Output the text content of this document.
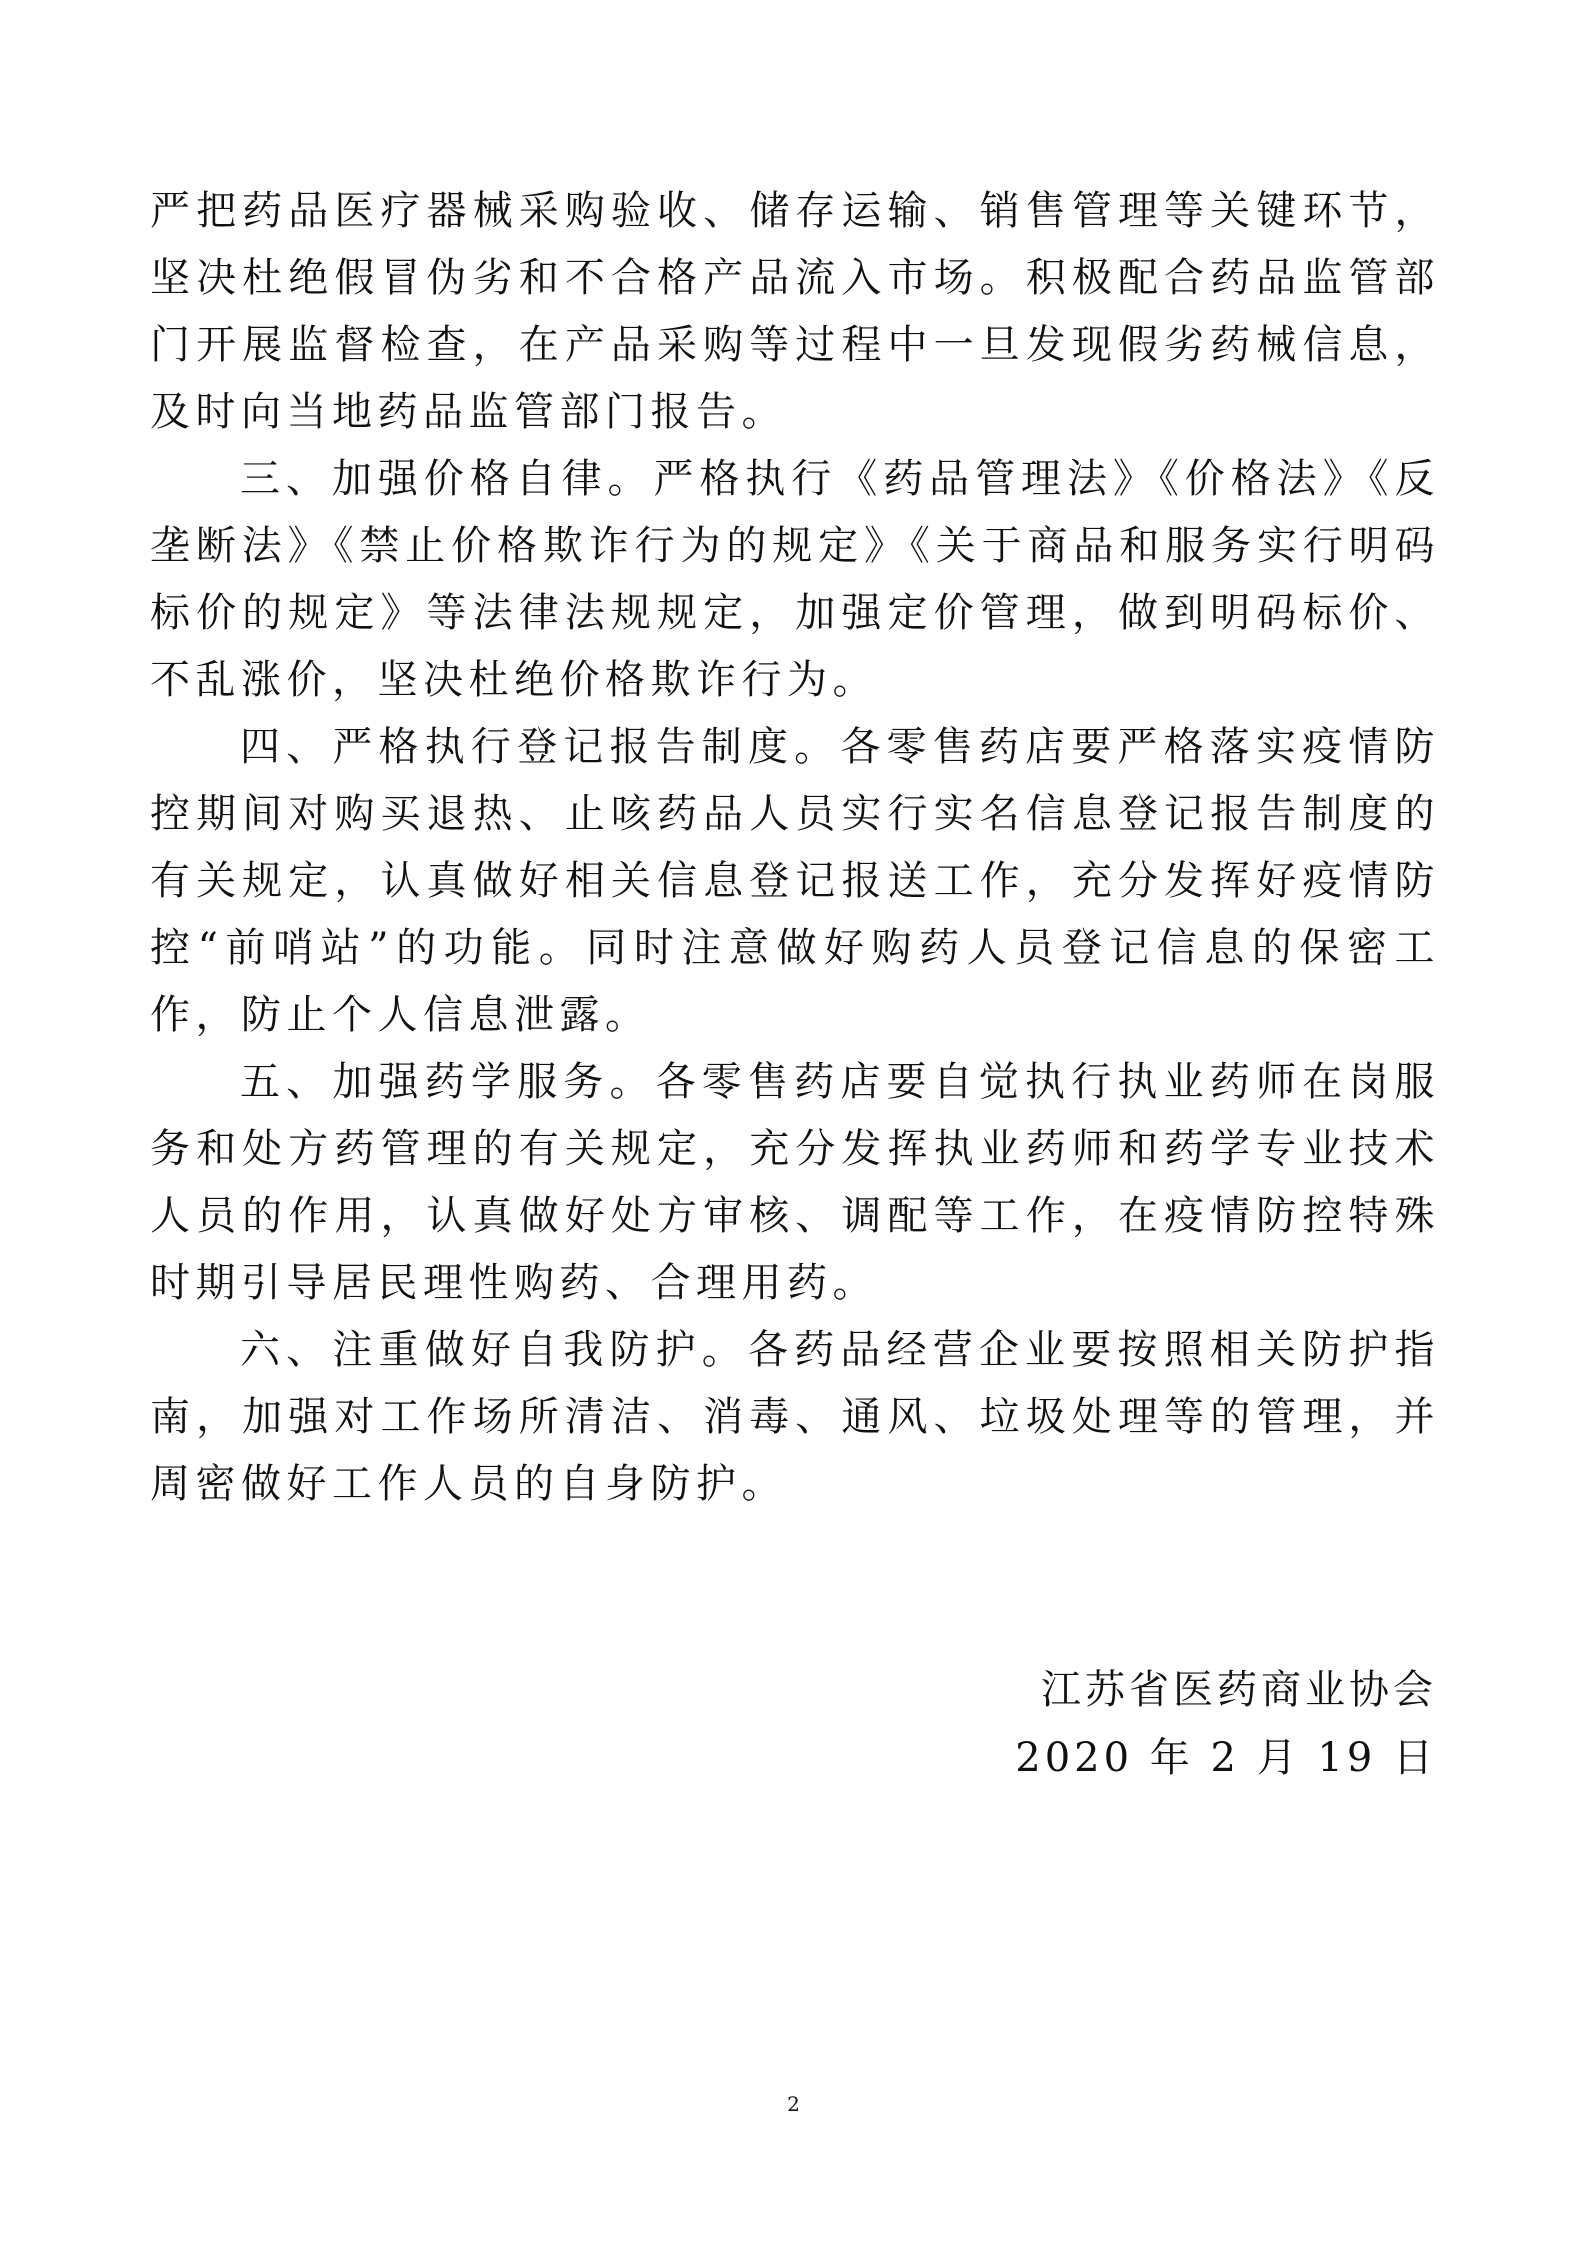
严把药品医疗器械采购验收、储存运输、销售管理等关键环节，坚决杜绝假冒伪劣和不合格产品流入市场。积极配合药品监管部门开展监督检查，在产品采购等过程中一旦发现假劣药械信息，及时向当地药品监管部门报告。

三、加强价格自律。严格执行《药品管理法》《价格法》《反垄断法》《禁止价格欺诈行为的规定》《关于商品和服务实行明码标价的规定》等法律法规规定，加强定价管理，做到明码标价、不乱涨价，坚决杜绝价格欺诈行为。

四、严格执行登记报告制度。各零售药店要严格落实疫情防控期间对购买退热、止咳药品人员实行实名信息登记报告制度的有关规定，认真做好相关信息登记报送工作，充分发挥好疫情防控“前哨站”的功能。同时注意做好购药人员登记信息的保密工作，防止个人信息泄露。

五、加强药学服务。各零售药店要自觉执行执业药师在岗服务和处方药管理的有关规定，充分发挥执业药师和药学专业技术人员的作用，认真做好处方审核、调配等工作，在疫情防控特殊时期引导居民理性购药、合理用药。

六、注重做好自我防护。各药品经营企业要按照相关防护指南，加强对工作场所清洁、消毒、通风、垃圾处理等的管理，并周密做好工作人员的自身防护。

江苏省医药商业协会
2020 年 2 月 19 日
2
